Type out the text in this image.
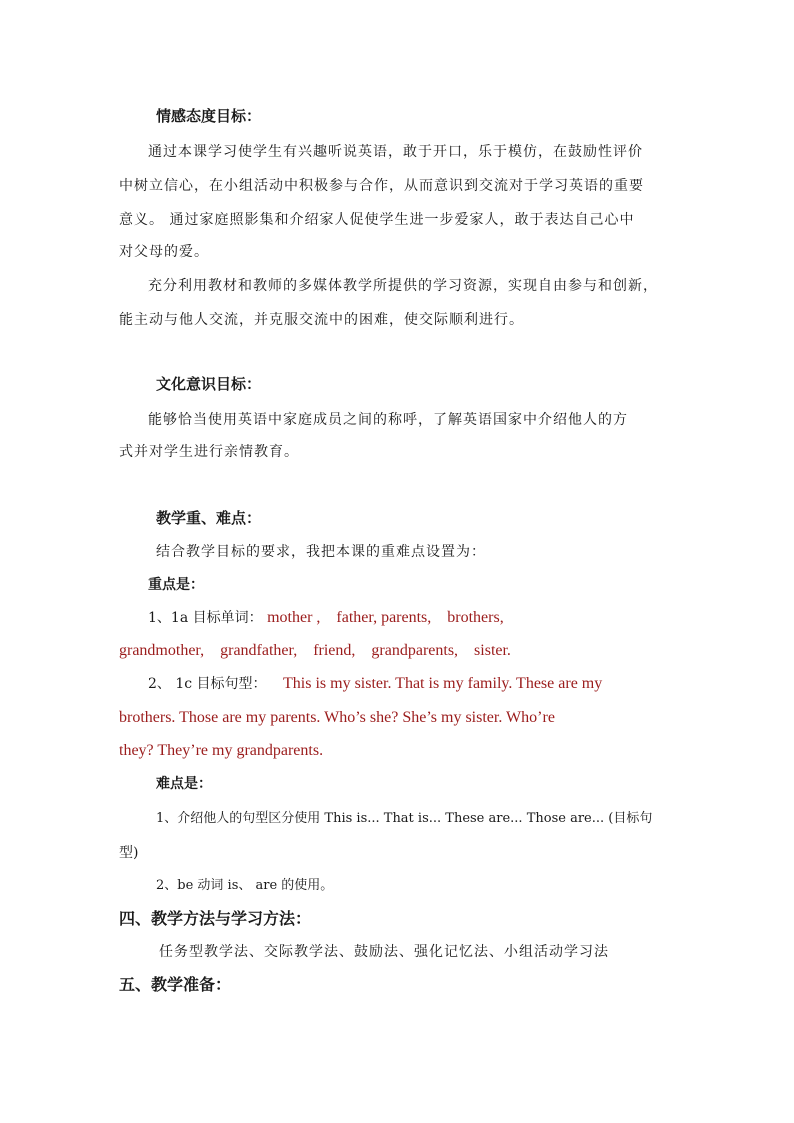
情感态度目标：
通过本课学习使学生有兴趣听说英语，敢于开口，乐于模仿，在鼓励性评价
中树立信心，在小组活动中积极参与合作，从而意识到交流对于学习英语的重要
意义。 通过家庭照影集和介绍家人促使学生进一步爱家人，敢于表达自己心中
对父母的爱。
充分利用教材和教师的多媒体教学所提供的学习资源，实现自由参与和创新，
能主动与他人交流，并克服交流中的困难，使交际顺利进行。
文化意识目标：
能够恰当使用英语中家庭成员之间的称呼，了解英语国家中介绍他人的方
式并对学生进行亲情教育。
教学重、难点：
结合教学目标的要求，我把本课的重难点设置为：
重点是：
1、1a 目标单词： mother ,    father, parents,    brothers,
grandmother,    grandfather,    friend,    grandparents,    sister.
2、 1c 目标句型： This is my sister. That is my family. These are my
brothers. Those are my parents. Who’s she? She’s my sister. Who’re
they? They’re my grandparents.
难点是：
1、介绍他人的句型区分使用 This is... That is... These are... Those are... (目标句
型)
2、be 动词 is、 are 的使用。
四、教学方法与学习方法：
任务型教学法、交际教学法、鼓励法、强化记忆法、小组活动学习法
五、教学准备：
